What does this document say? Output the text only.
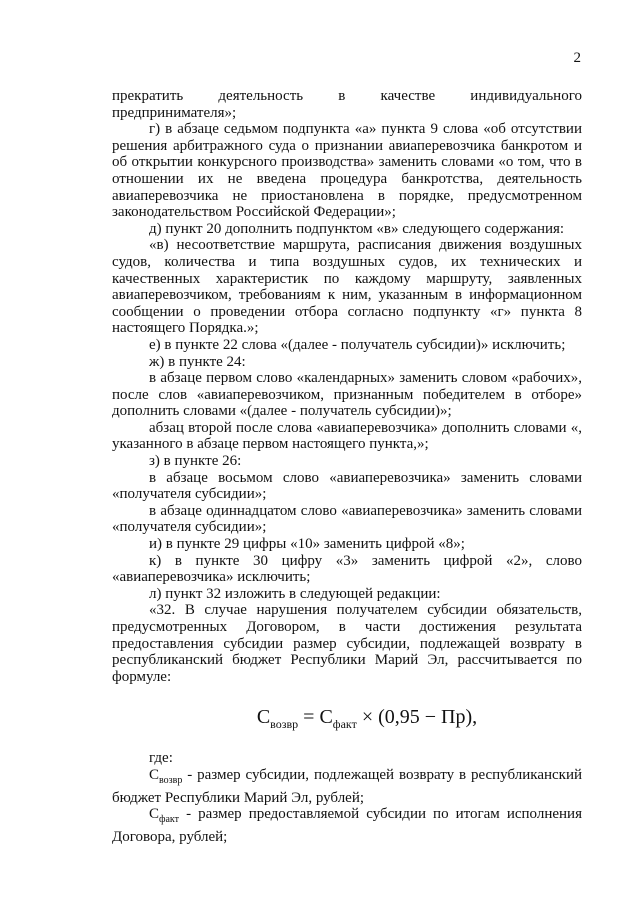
2

прекратить деятельность в качестве индивидуального предпринимателя»;

г) в абзаце седьмом подпункта «а» пункта 9 слова «об отсутствии решения арбитражного суда о признании авиаперевозчика банкротом и об открытии конкурсного производства» заменить словами «о том, что в отношении их не введена процедура банкротства, деятельность авиаперевозчика не приостановлена в порядке, предусмотренном законодательством Российской Федерации»;

д) пункт 20 дополнить подпунктом «в» следующего содержания:

«в) несоответствие маршрута, расписания движения воздушных судов, количества и типа воздушных судов, их технических и качественных характеристик по каждому маршруту, заявленных авиаперевозчиком, требованиям к ним, указанным в информационном сообщении о проведении отбора согласно подпункту «г» пункта 8 настоящего Порядка.»;

е) в пункте 22 слова «(далее - получатель субсидии)» исключить;

ж) в пункте 24:

в абзаце первом слово «календарных» заменить словом «рабочих», после слов «авиаперевозчиком, признанным победителем в отборе» дополнить словами «(далее - получатель субсидии)»;

абзац второй после слова «авиаперевозчика» дополнить словами «, указанного в абзаце первом настоящего пункта,»;

з) в пункте 26:

в абзаце восьмом слово «авиаперевозчика» заменить словами «получателя субсидии»;

в абзаце одиннадцатом слово «авиаперевозчика» заменить словами «получателя субсидии»;

и) в пункте 29 цифры «10» заменить цифрой «8»;

к) в пункте 30 цифру «3» заменить цифрой «2», слово «авиаперевозчика» исключить;

л) пункт 32 изложить в следующей редакции:

«32. В случае нарушения получателем субсидии обязательств, предусмотренных Договором, в части достижения результата предоставления субсидии размер субсидии, подлежащей возврату в республиканский бюджет Республики Марий Эл, рассчитывается по формуле:

$С_{возвр} = С_{факт} \times (0,95 - Пр)$,

где:

$С_{возвр}$ - размер субсидии, подлежащей возврату в республиканский бюджет Республики Марий Эл, рублей;

$С_{факт}$ - размер предоставляемой субсидии по итогам исполнения Договора, рублей;
